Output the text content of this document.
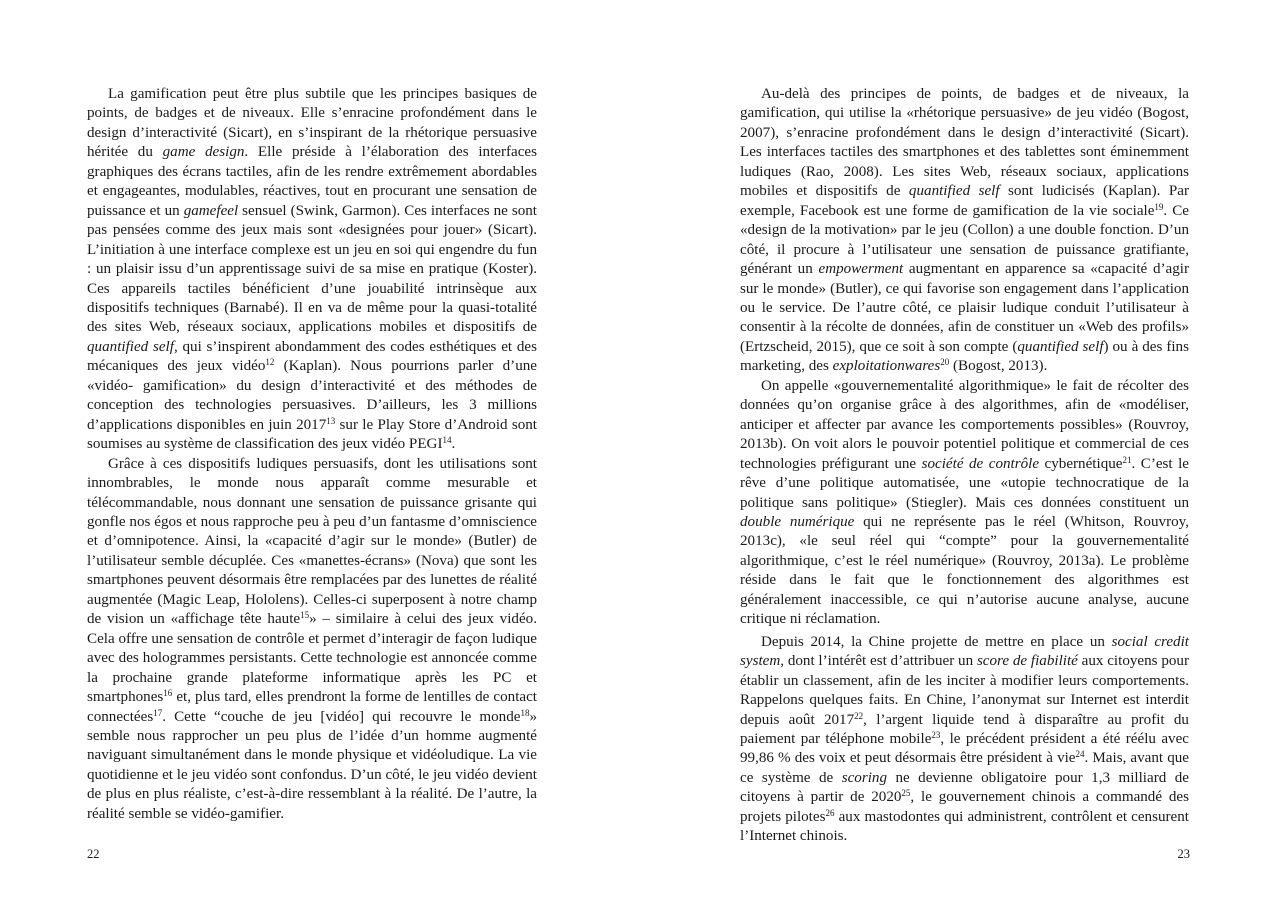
La gamification peut être plus subtile que les principes basiques de points, de badges et de niveaux. Elle s’enracine profondément dans le design d’interactivité (Sicart), en s’inspirant de la rhétorique persuasive héritée du game design. Elle préside à l’élaboration des interfaces graphiques des écrans tactiles, afin de les rendre extrêmement abordables et engageantes, modulables, réactives, tout en procurant une sensation de puissance et un gamefeel sensuel (Swink, Garmon). Ces interfaces ne sont pas pensées comme des jeux mais sont «designées pour jouer» (Sicart). L’initiation à une interface complexe est un jeu en soi qui engendre du fun : un plaisir issu d’un apprentissage suivi de sa mise en pratique (Koster). Ces appareils tactiles bénéficient d’une jouabilité intrinsèque aux dispositifs techniques (Barnabé). Il en va de même pour la quasi-totalité des sites Web, réseaux sociaux, applications mobiles et dispositifs de quantified self, qui s’inspirent abondamment des codes esthétiques et des mécaniques des jeux vidéo$^{12}$ (Kaplan). Nous pourrions parler d’une «vidéo- gamification» du design d’interactivité et des méthodes de conception des technologies persuasives. D’ailleurs, les 3 millions d’applications disponibles en juin 2017$^{13}$ sur le Play Store d’Android sont soumises au système de classification des jeux vidéo PEGI$^{14}$.

Grâce à ces dispositifs ludiques persuasifs, dont les utilisations sont innombrables, le monde nous apparaît comme mesurable et télécommandable, nous donnant une sensation de puissance grisante qui gonfle nos égos et nous rapproche peu à peu d’un fantasme d’omniscience et d’omnipotence. Ainsi, la «capacité d’agir sur le monde» (Butler) de l’utilisateur semble décuplée. Ces «manettes-écrans» (Nova) que sont les smartphones peuvent désormais être remplacées par des lunettes de réalité augmentée (Magic Leap, Hololens). Celles-ci superposent à notre champ de vision un «affichage tête haute$^{15}$» – similaire à celui des jeux vidéo. Cela offre une sensation de contrôle et permet d’interagir de façon ludique avec des hologrammes persistants. Cette technologie est annoncée comme la prochaine grande plateforme informatique après les PC et smartphones$^{16}$ et, plus tard, elles prendront la forme de lentilles de contact connectées$^{17}$. Cette “couche de jeu [vidéo] qui recouvre le monde$^{18}$» semble nous rapprocher un peu plus de l’idée d’un homme augmenté naviguant simultanément dans le monde physique et vidéoludique. La vie quotidienne et le jeu vidéo sont confondus. D’un côté, le jeu vidéo devient de plus en plus réaliste, c’est-à-dire ressemblant à la réalité. De l’autre, la réalité semble se vidéo-gamifier.

22

Au-delà des principes de points, de badges et de niveaux, la gamification, qui utilise la «rhétorique persuasive» de jeu vidéo (Bogost, 2007), s’enracine profondément dans le design d’interactivité (Sicart). Les interfaces tactiles des smartphones et des tablettes sont éminemment ludiques (Rao, 2008). Les sites Web, réseaux sociaux, applications mobiles et dispositifs de quantified self sont ludicisés (Kaplan). Par exemple, Facebook est une forme de gamification de la vie sociale$^{19}$. Ce «design de la motivation» par le jeu (Collon) a une double fonction. D’un côté, il procure à l’utilisateur une sensation de puissance gratifiante, générant un empowerment augmentant en apparence sa «capacité d’agir sur le monde» (Butler), ce qui favorise son engagement dans l’application ou le service. De l’autre côté, ce plaisir ludique conduit l’utilisateur à consentir à la récolte de données, afin de constituer un «Web des profils» (Ertzscheid, 2015), que ce soit à son compte (quantified self) ou à des fins marketing, des exploitationwares$^{20}$ (Bogost, 2013).

On appelle «gouvernementalité algorithmique» le fait de récolter des données qu’on organise grâce à des algorithmes, afin de «modéliser, anticiper et affecter par avance les comportements possibles» (Rouvroy, 2013b). On voit alors le pouvoir potentiel politique et commercial de ces technologies préfigurant une société de contrôle cybernétique$^{21}$. C’est le rêve d’une politique automatisée, une «utopie technocratique de la politique sans politique» (Stiegler). Mais ces données constituent un double numérique qui ne représente pas le réel (Whitson, Rouvroy, 2013c), «le seul réel qui “compte” pour la gouvernementalité algorithmique, c’est le réel numérique» (Rouvroy, 2013a). Le problème réside dans le fait que le fonctionnement des algorithmes est généralement inaccessible, ce qui n’autorise aucune analyse, aucune critique ni réclamation.

Depuis 2014, la Chine projette de mettre en place un social credit system, dont l’intérêt est d’attribuer un score de fiabilité aux citoyens pour établir un classement, afin de les inciter à modifier leurs comportements. Rappelons quelques faits. En Chine, l’anonymat sur Internet est interdit depuis août 2017$^{22}$, l’argent liquide tend à disparaître au profit du paiement par téléphone mobile$^{23}$, le précédent président a été réélu avec 99,86 % des voix et peut désormais être président à vie$^{24}$. Mais, avant que ce système de scoring ne devienne obligatoire pour 1,3 milliard de citoyens à partir de 2020$^{25}$, le gouvernement chinois a commandé des projets pilotes$^{26}$ aux mastodontes qui administrent, contrôlent et censurent l’Internet chinois.

23
